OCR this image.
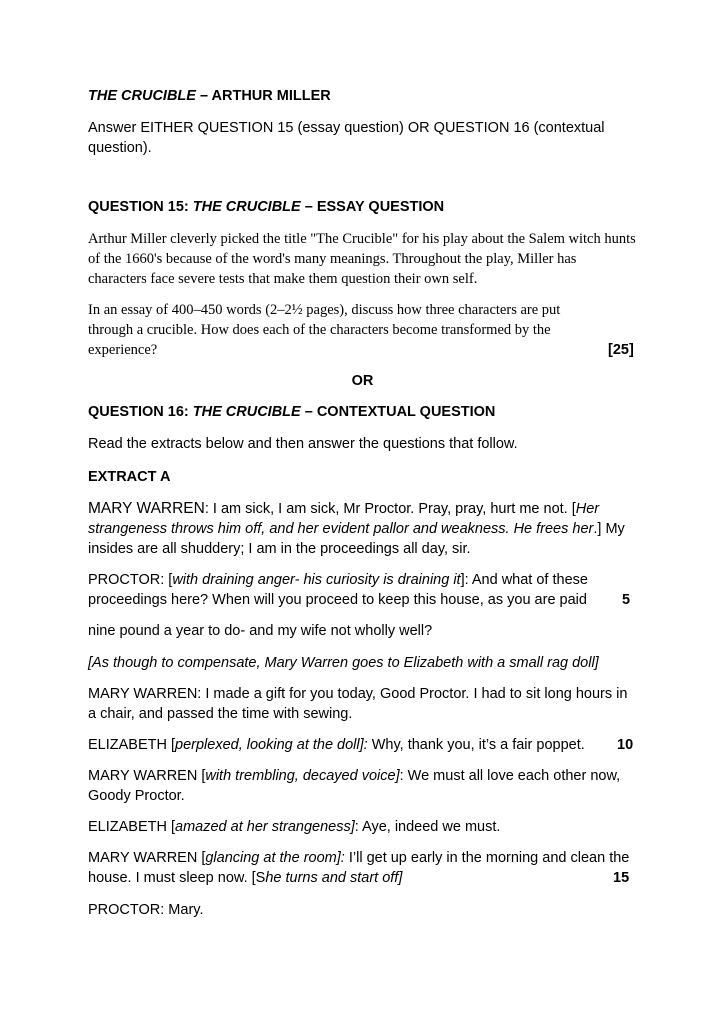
THE CRUCIBLE – ARTHUR MILLER

Answer EITHER QUESTION 15 (essay question) OR QUESTION 16 (contextual question).

QUESTION 15: THE CRUCIBLE – ESSAY QUESTION

Arthur Miller cleverly picked the title "The Crucible" for his play about the Salem witch hunts of the 1660's because of the word's many meanings. Throughout the play, Miller has characters face severe tests that make them question their own self.

In an essay of 400–450 words (2–2½ pages), discuss how three characters are put through a crucible. How does each of the characters become transformed by the experience?	[25]

OR

QUESTION 16: THE CRUCIBLE – CONTEXTUAL QUESTION

Read the extracts below and then answer the questions that follow.

EXTRACT A

MARY WARREN: I am sick, I am sick, Mr Proctor. Pray, pray, hurt me not. [Her strangeness throws him off, and her evident pallor and weakness. He frees her.] My insides are all shuddery; I am in the proceedings all day, sir.

PROCTOR: [with draining anger- his curiosity is draining it]: And what of these proceedings here? When will you proceed to keep this house, as you are paid	5

nine pound a year to do- and my wife not wholly well?

[As though to compensate, Mary Warren goes to Elizabeth with a small rag doll]

MARY WARREN: I made a gift for you today, Good Proctor. I had to sit long hours in a chair, and passed the time with sewing.

ELIZABETH [perplexed, looking at the doll]: Why, thank you, it’s a fair poppet.	10

MARY WARREN [with trembling, decayed voice]: We must all love each other now, Goody Proctor.

ELIZABETH [amazed at her strangeness]: Aye, indeed we must.

MARY WARREN [glancing at the room]: I’ll get up early in the morning and clean the house. I must sleep now. [She turns and start off]	15

PROCTOR: Mary.
